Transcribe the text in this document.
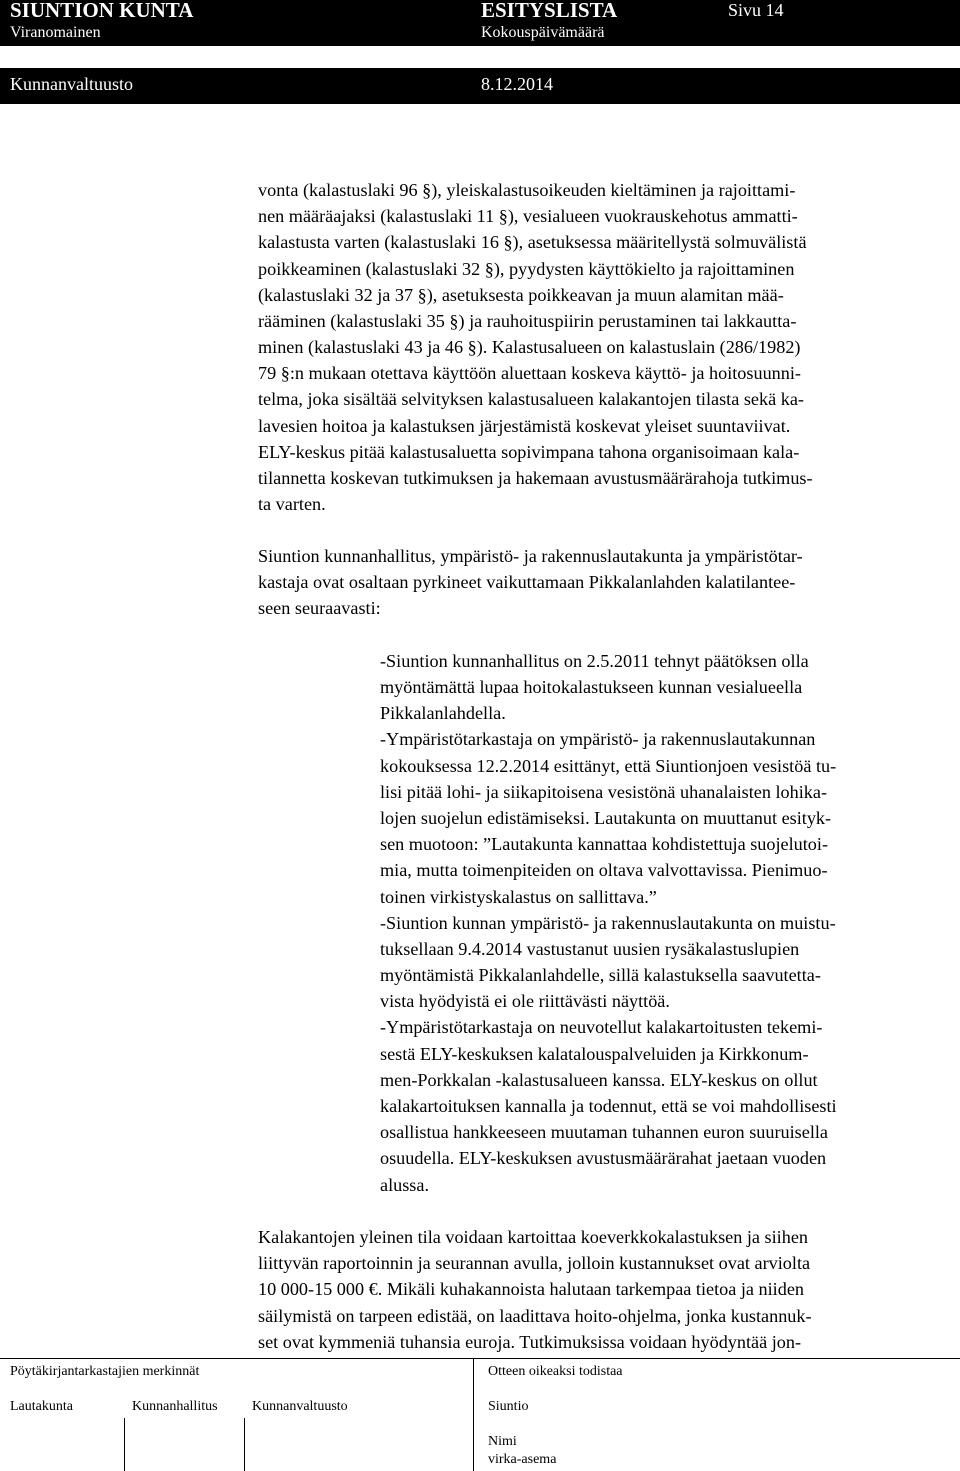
SIUNTION KUNTA	ESITYSLISTA	Sivu 14
Viranomainen	Kokouspäivämäärä
Kunnanvaltuusto	8.12.2014
vonta (kalastuslaki 96 §), yleiskalastusoikeuden kieltäminen ja rajoittami-
nen määräajaksi (kalastuslaki 11 §), vesialueen vuokrauskehotus ammatti-
kalastusta varten (kalastuslaki 16 §), asetuksessa määritellystä solmuvälistä
poikkeaminen (kalastuslaki 32 §), pyydysten käyttökielto ja rajoittaminen
(kalastuslaki 32 ja 37 §), asetuksesta poikkeavan ja muun alamitan mää-
rääminen (kalastuslaki 35 §) ja rauhoituspiirin perustaminen tai lakkautta-
minen (kalastuslaki 43 ja 46 §). Kalastusalueen on kalastuslain (286/1982)
79 §:n mukaan otettava käyttöön aluettaan koskeva käyttö- ja hoitosuunni-
telma, joka sisältää selvityksen kalastusalueen kalakantojen tilasta sekä ka-
lavesien hoitoa ja kalastuksen järjestämistä koskevat yleiset suuntaviivat.
ELY-keskus pitää kalastusaluetta sopivimpana tahona organisoimaan kala-
tilannetta koskevan tutkimuksen ja hakemaan avustusmäärärahoja tutkimus-
ta varten.
Siuntion kunnanhallitus, ympäristö- ja rakennuslautakunta ja ympäristötar-
kastaja ovat osaltaan pyrkineet vaikuttamaan Pikkalanlahden kalatilantee-
seen seuraavasti:
-Siuntion kunnanhallitus on 2.5.2011 tehnyt päätöksen olla
myöntämättä lupaa hoitokalastukseen kunnan vesialueella
Pikkalanlahdella.
-Ympäristötarkastaja on ympäristö- ja rakennuslautakunnan
kokouksessa 12.2.2014 esittänyt, että Siuntionjoen vesistöä tu-
lisi pitää lohi- ja siikapitoisena vesistönä uhanalaisten lohika-
lojen suojelun edistämiseksi. Lautakunta on muuttanut esityk-
sen muotoon: ”Lautakunta kannattaa kohdistettuja suojelutoi-
mia, mutta toimenpiteiden on oltava valvottavissa. Pienimuo-
toinen virkistyskalastus on sallittava.”
-Siuntion kunnan ympäristö- ja rakennuslautakunta on muistu-
tuksellaan 9.4.2014 vastustanut uusien rysäkalastuslupien
myöntämistä Pikkalanlahdelle, sillä kalastuksella saavutetta-
vista hyödyistä ei ole riittävästi näyttöä.
-Ympäristötarkastaja on neuvotellut kalakartoitusten tekemi-
sestä ELY-keskuksen kalatalouspalveluiden ja Kirkkonum-
men-Porkkalan -kalastusalueen kanssa. ELY-keskus on ollut
kalakartoituksen kannalla ja todennut, että se voi mahdollisesti
osallistua hankkeeseen muutaman tuhannen euron suuruisella
osuudella. ELY-keskuksen avustusmäärärahat jaetaan vuoden
alussa.
Kalakantojen yleinen tila voidaan kartoittaa koeverkkokalastuksen ja siihen
liittyvän raportoinnin ja seurannan avulla, jolloin kustannukset ovat arviolta
10 000-15 000 €. Mikäli kuhakannoista halutaan tarkempaa tietoa ja niiden
säilymistä on tarpeen edistää, on laadittava hoito-ohjelma, jonka kustannuk-
set ovat kymmeniä tuhansia euroja. Tutkimuksissa voidaan hyödyntää jon-
Pöytäkirjantarkastajien merkinnät
Lautakunta	Kunnanhallitus Kunnanvaltuusto
Otteen oikeaksi todistaa
Siuntio
Nimi
virka-asema
